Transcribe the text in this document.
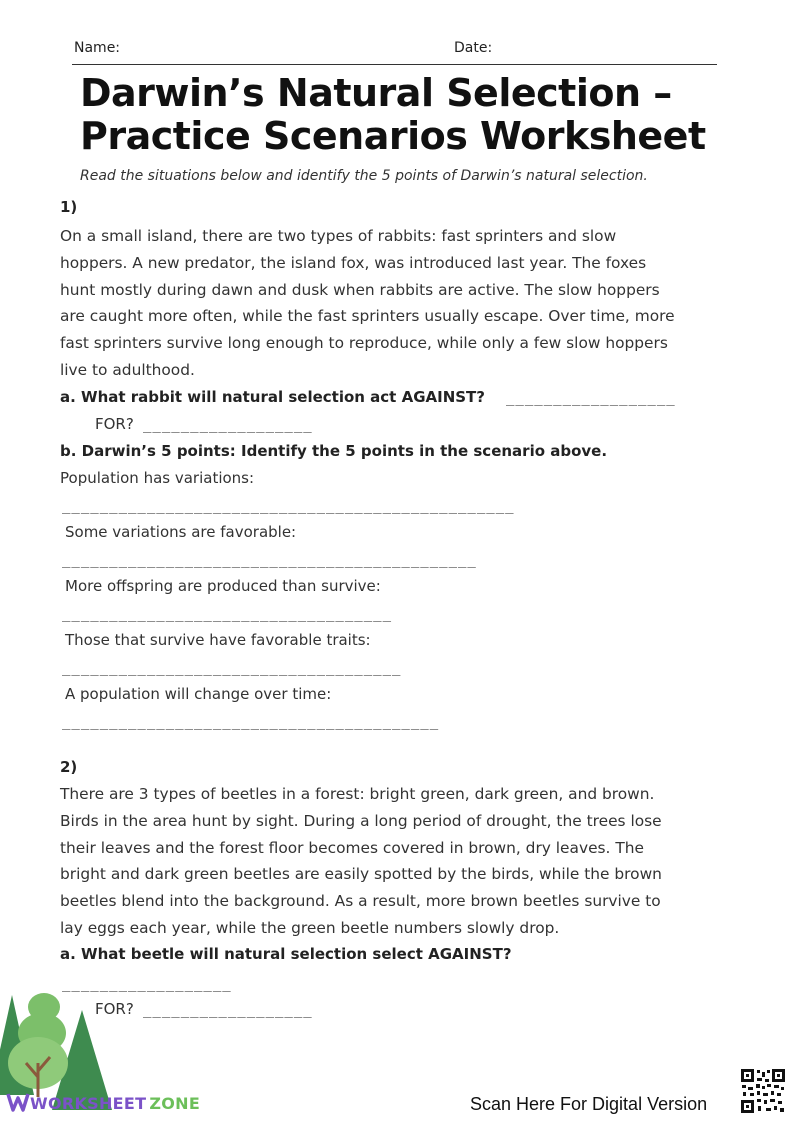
Name:	Date:
Darwin’s Natural Selection –
Practice Scenarios Worksheet
Read the situations below and identify the 5 points of Darwin’s natural selection.
1)
On a small island, there are two types of rabbits: fast sprinters and slow
hoppers. A new predator, the island fox, was introduced last year. The foxes
hunt mostly during dawn and dusk when rabbits are active. The slow hoppers
are caught more often, while the fast sprinters usually escape. Over time, more
fast sprinters survive long enough to reproduce, while only a few slow hoppers
live to adulthood.
a. What rabbit will natural selection act AGAINST? __________________
FOR? __________________
b. Darwin’s 5 points: Identify the 5 points in the scenario above.
Population has variations:
________________________________________________
Some variations are favorable:
____________________________________________
More offspring are produced than survive:
___________________________________
Those that survive have favorable traits:
____________________________________
A population will change over time:
________________________________________
2)
There are 3 types of beetles in a forest: bright green, dark green, and brown.
Birds in the area hunt by sight. During a long period of drought, the trees lose
their leaves and the forest floor becomes covered in brown, dry leaves. The
bright and dark green beetles are easily spotted by the birds, while the brown
beetles blend into the background. As a result, more brown beetles survive to
lay eggs each year, while the green beetle numbers slowly drop.
a. What beetle will natural selection select AGAINST?
__________________
FOR? __________________
WORKSHEET ZONE	Scan Here For Digital Version
